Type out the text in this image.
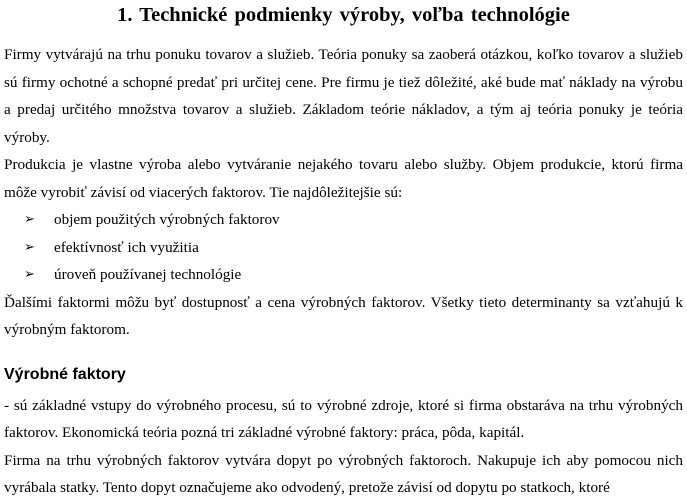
1. Technické podmienky výroby, voľba technológie

Firmy vytvárajú na trhu ponuku tovarov a služieb. Teória ponuky sa zaoberá otázkou, koľko tovarov a služieb sú firmy ochotné a schopné predať pri určitej cene. Pre firmu je tiež dôležité, aké bude mať náklady na výrobu a predaj určitého množstva tovarov a služieb. Základom teórie nákladov, a tým aj teória ponuky je teória výroby.

Produkcia je vlastne výroba alebo vytváranie nejakého tovaru alebo služby. Objem produkcie, ktorú firma môže vyrobiť závisí od viacerých faktorov. Tie najdôležitejšie sú:

➢ objem použitých výrobných faktorov
➢ efektívnosť ich využitia
➢ úroveň používanej technológie

Ďalšími faktormi môžu byť dostupnosť a cena výrobných faktorov. Všetky tieto determinanty sa vzťahujú k výrobným faktorom.

Výrobné faktory

- sú základné vstupy do výrobného procesu, sú to výrobné zdroje, ktoré si firma obstaráva na trhu výrobných faktorov. Ekonomická teória pozná tri základné výrobné faktory: práca, pôda, kapitál.

Firma na trhu výrobných faktorov vytvára dopyt po výrobných faktoroch. Nakupuje ich aby pomocou nich vyrábala statky. Tento dopyt označujeme ako odvodený, pretože závisí od dopytu po statkoch, ktoré
